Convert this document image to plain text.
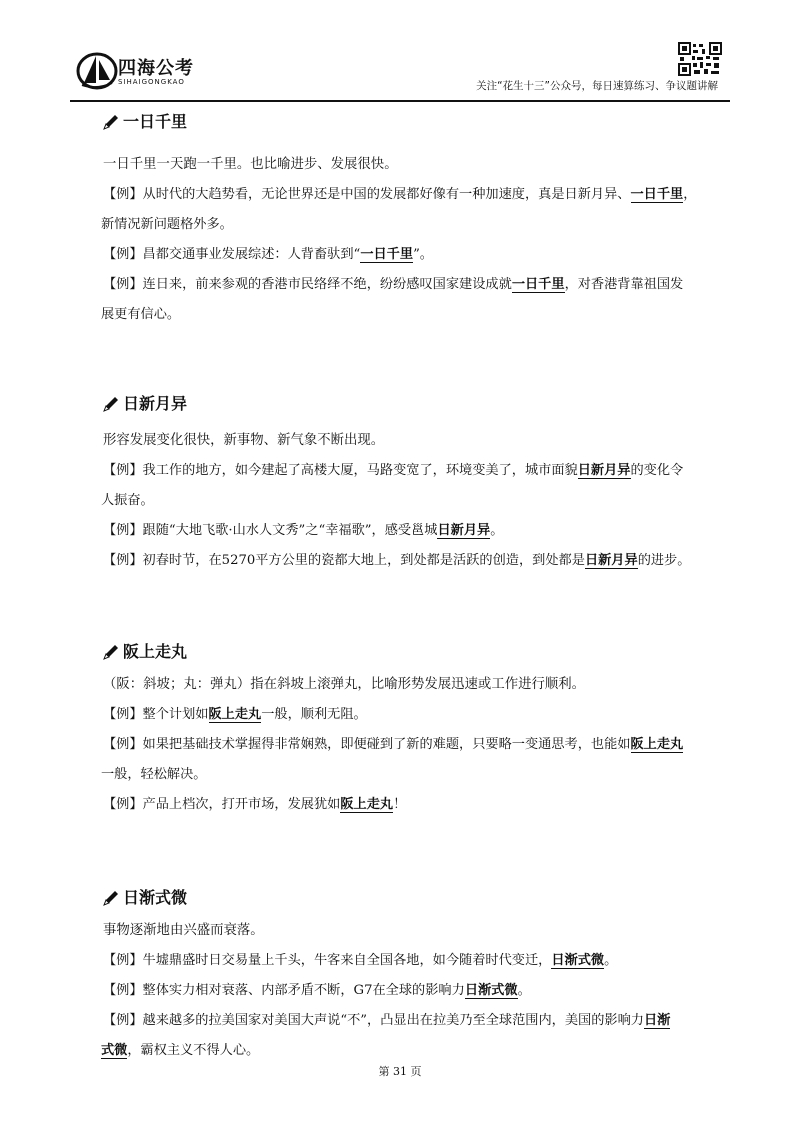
四海公考
SIHAIGONGKAO	关注“花生十三”公众号，每日速算练习、争议题讲解
一日千里

一日千里一天跑一千里。也比喻进步、发展很快。

【例】从时代的大趋势看，无论世界还是中国的发展都好像有一种加速度，真是日新月异、一日千里，

新情况新问题格外多。

【例】昌都交通事业发展综述：人背畜驮到“一日千里”。

【例】连日来，前来参观的香港市民络绎不绝，纷纷感叹国家建设成就一日千里，对香港背靠祖国发

展更有信心。

日新月异

形容发展变化很快，新事物、新气象不断出现。

【例】我工作的地方，如今建起了高楼大厦，马路变宽了，环境变美了，城市面貌日新月异的变化令

人振奋。

【例】跟随“大地飞歌·山水人文秀”之“幸福歌”，感受邕城日新月异。

【例】初春时节，在5270平方公里的瓷都大地上，到处都是活跃的创造，到处都是日新月异的进步。

阪上走丸

（阪：斜坡；丸：弹丸）指在斜坡上滚弹丸，比喻形势发展迅速或工作进行顺利。

【例】整个计划如阪上走丸一般，顺利无阻。

【例】如果把基础技术掌握得非常娴熟，即便碰到了新的难题，只要略一变通思考，也能如阪上走丸

一般，轻松解决。

【例】产品上档次，打开市场，发展犹如阪上走丸！

日渐式微

事物逐渐地由兴盛而衰落。

【例】牛墟鼎盛时日交易量上千头，牛客来自全国各地，如今随着时代变迁，日渐式微。

【例】整体实力相对衰落、内部矛盾不断，G7在全球的影响力日渐式微。

【例】越来越多的拉美国家对美国大声说“不”，凸显出在拉美乃至全球范围内，美国的影响力日渐

式微，霸权主义不得人心。

第 31 页
